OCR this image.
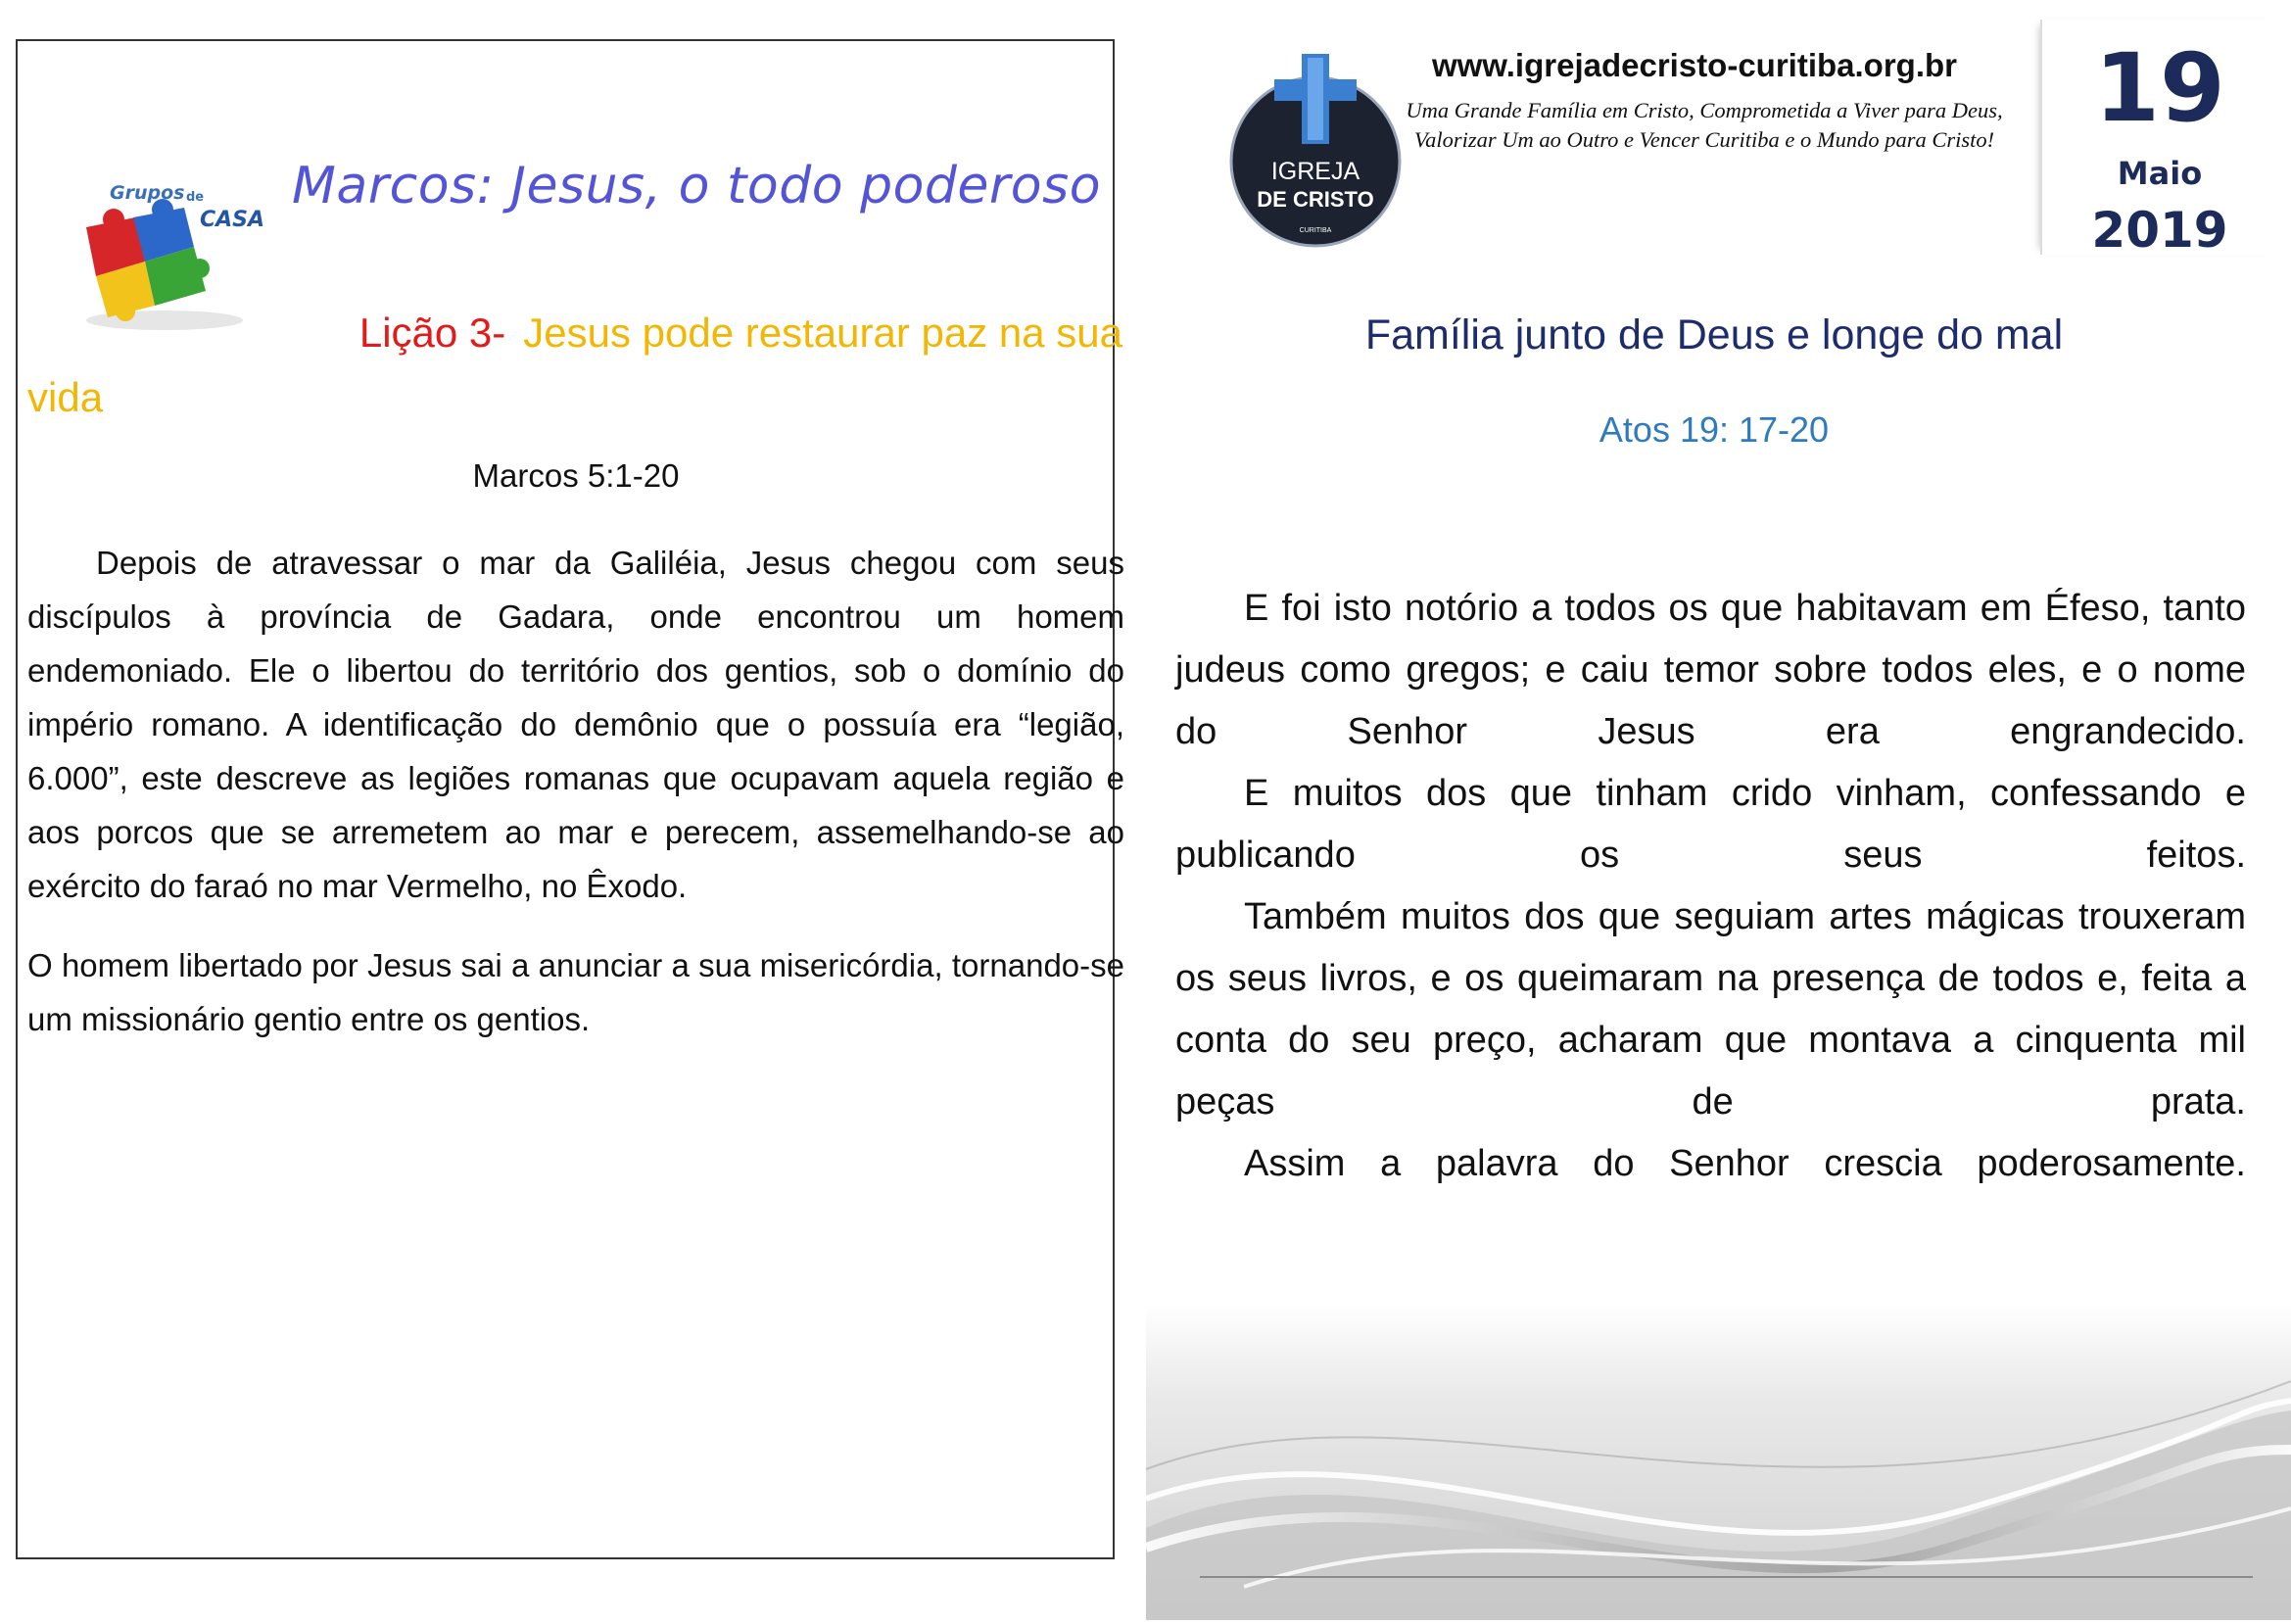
Grupos de
CASA
Marcos: Jesus, o todo poderoso
Lição 3- Jesus pode restaurar paz na sua
vida
Marcos 5:1-20

Depois de atravessar o mar da Galiléia, Jesus chegou com seus discípulos à província de Gadara, onde encontrou um homem endemoniado. Ele o libertou do território dos gentios, sob o domínio do império romano. A identificação do demônio que o possuía era “legião, 6.000”, este descreve as legiões romanas que ocupavam aquela região e aos porcos que se arremetem ao mar e perecem, assemelhando-se ao exército do faraó no mar Vermelho, no Êxodo.

O homem libertado por Jesus sai a anunciar a sua misericórdia, tornando-se um missionário gentio entre os gentios.

IGREJA
DE CRISTO
CURITIBA
www.igrejadecristo-curitiba.org.br
Uma Grande Família em Cristo, Comprometida a Viver para Deus,
Valorizar Um ao Outro e Vencer Curitiba e o Mundo para Cristo!	19
Maio
2019
Família junto de Deus e longe do mal
Atos 19: 17-20

E foi isto notório a todos os que habitavam em Éfeso, tanto judeus como gregos; e caiu temor sobre todos eles, e o nome do Senhor Jesus era engrandecido.

E muitos dos que tinham crido vinham, confessando e publicando os seus feitos.

Também muitos dos que seguiam artes mágicas trouxeram os seus livros, e os queimaram na presença de todos e, feita a conta do seu preço, acharam que montava a cinquenta mil peças de prata.

Assim a palavra do Senhor crescia poderosamente.
